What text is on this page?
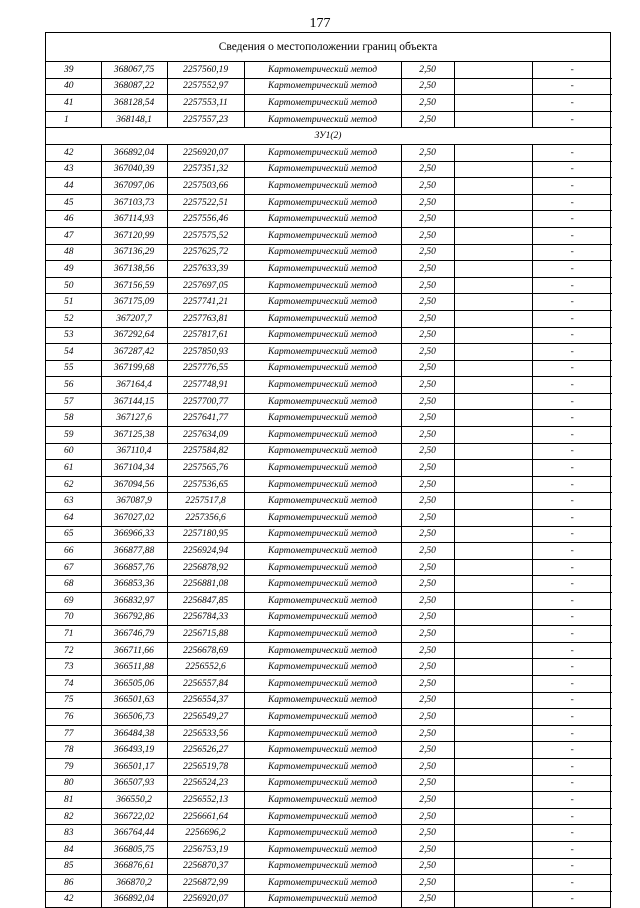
177
Сведения о местоположении границ объекта
39	368067,75	2257560,19	Картометрический метод	2,50		-
40	368087,22	2257552,97	Картометрический метод	2,50		-
41	368128,54	2257553,11	Картометрический метод	2,50		-
1	368148,1	2257557,23	Картометрический метод	2,50		-
ЗУ1(2)						
42	366892,04	2256920,07	Картометрический метод	2,50		-
43	367040,39	2257351,32	Картометрический метод	2,50		-
44	367097,06	2257503,66	Картометрический метод	2,50		-
45	367103,73	2257522,51	Картометрический метод	2,50		-
46	367114,93	2257556,46	Картометрический метод	2,50		-
47	367120,99	2257575,52	Картометрический метод	2,50		-
48	367136,29	2257625,72	Картометрический метод	2,50		-
49	367138,56	2257633,39	Картометрический метод	2,50		-
50	367156,59	2257697,05	Картометрический метод	2,50		-
51	367175,09	2257741,21	Картометрический метод	2,50		-
52	367207,7	2257763,81	Картометрический метод	2,50		-
53	367292,64	2257817,61	Картометрический метод	2,50		-
54	367287,42	2257850,93	Картометрический метод	2,50		-
55	367199,68	2257776,55	Картометрический метод	2,50		-
56	367164,4	2257748,91	Картометрический метод	2,50		-
57	367144,15	2257700,77	Картометрический метод	2,50		-
58	367127,6	2257641,77	Картометрический метод	2,50		-
59	367125,38	2257634,09	Картометрический метод	2,50		-
60	367110,4	2257584,82	Картометрический метод	2,50		-
61	367104,34	2257565,76	Картометрический метод	2,50		-
62	367094,56	2257536,65	Картометрический метод	2,50		-
63	367087,9	2257517,8	Картометрический метод	2,50		-
64	367027,02	2257356,6	Картометрический метод	2,50		-
65	366966,33	2257180,95	Картометрический метод	2,50		-
66	366877,88	2256924,94	Картометрический метод	2,50		-
67	366857,76	2256878,92	Картометрический метод	2,50		-
68	366853,36	2256881,08	Картометрический метод	2,50		-
69	366832,97	2256847,85	Картометрический метод	2,50		-
70	366792,86	2256784,33	Картометрический метод	2,50		-
71	366746,79	2256715,88	Картометрический метод	2,50		-
72	366711,66	2256678,69	Картометрический метод	2,50		-
73	366511,88	2256552,6	Картометрический метод	2,50		-
74	366505,06	2256557,84	Картометрический метод	2,50		-
75	366501,63	2256554,37	Картометрический метод	2,50		-
76	366506,73	2256549,27	Картометрический метод	2,50		-
77	366484,38	2256533,56	Картометрический метод	2,50		-
78	366493,19	2256526,27	Картометрический метод	2,50		-
79	366501,17	2256519,78	Картометрический метод	2,50		-
80	366507,93	2256524,23	Картометрический метод	2,50		-
81	366550,2	2256552,13	Картометрический метод	2,50		-
82	366722,02	2256661,64	Картометрический метод	2,50		-
83	366764,44	2256696,2	Картометрический метод	2,50		-
84	366805,75	2256753,19	Картометрический метод	2,50		-
85	366876,61	2256870,37	Картометрический метод	2,50		-
86	366870,2	2256872,99	Картометрический метод	2,50		-
42	366892,04	2256920,07	Картометрический метод	2,50		-
